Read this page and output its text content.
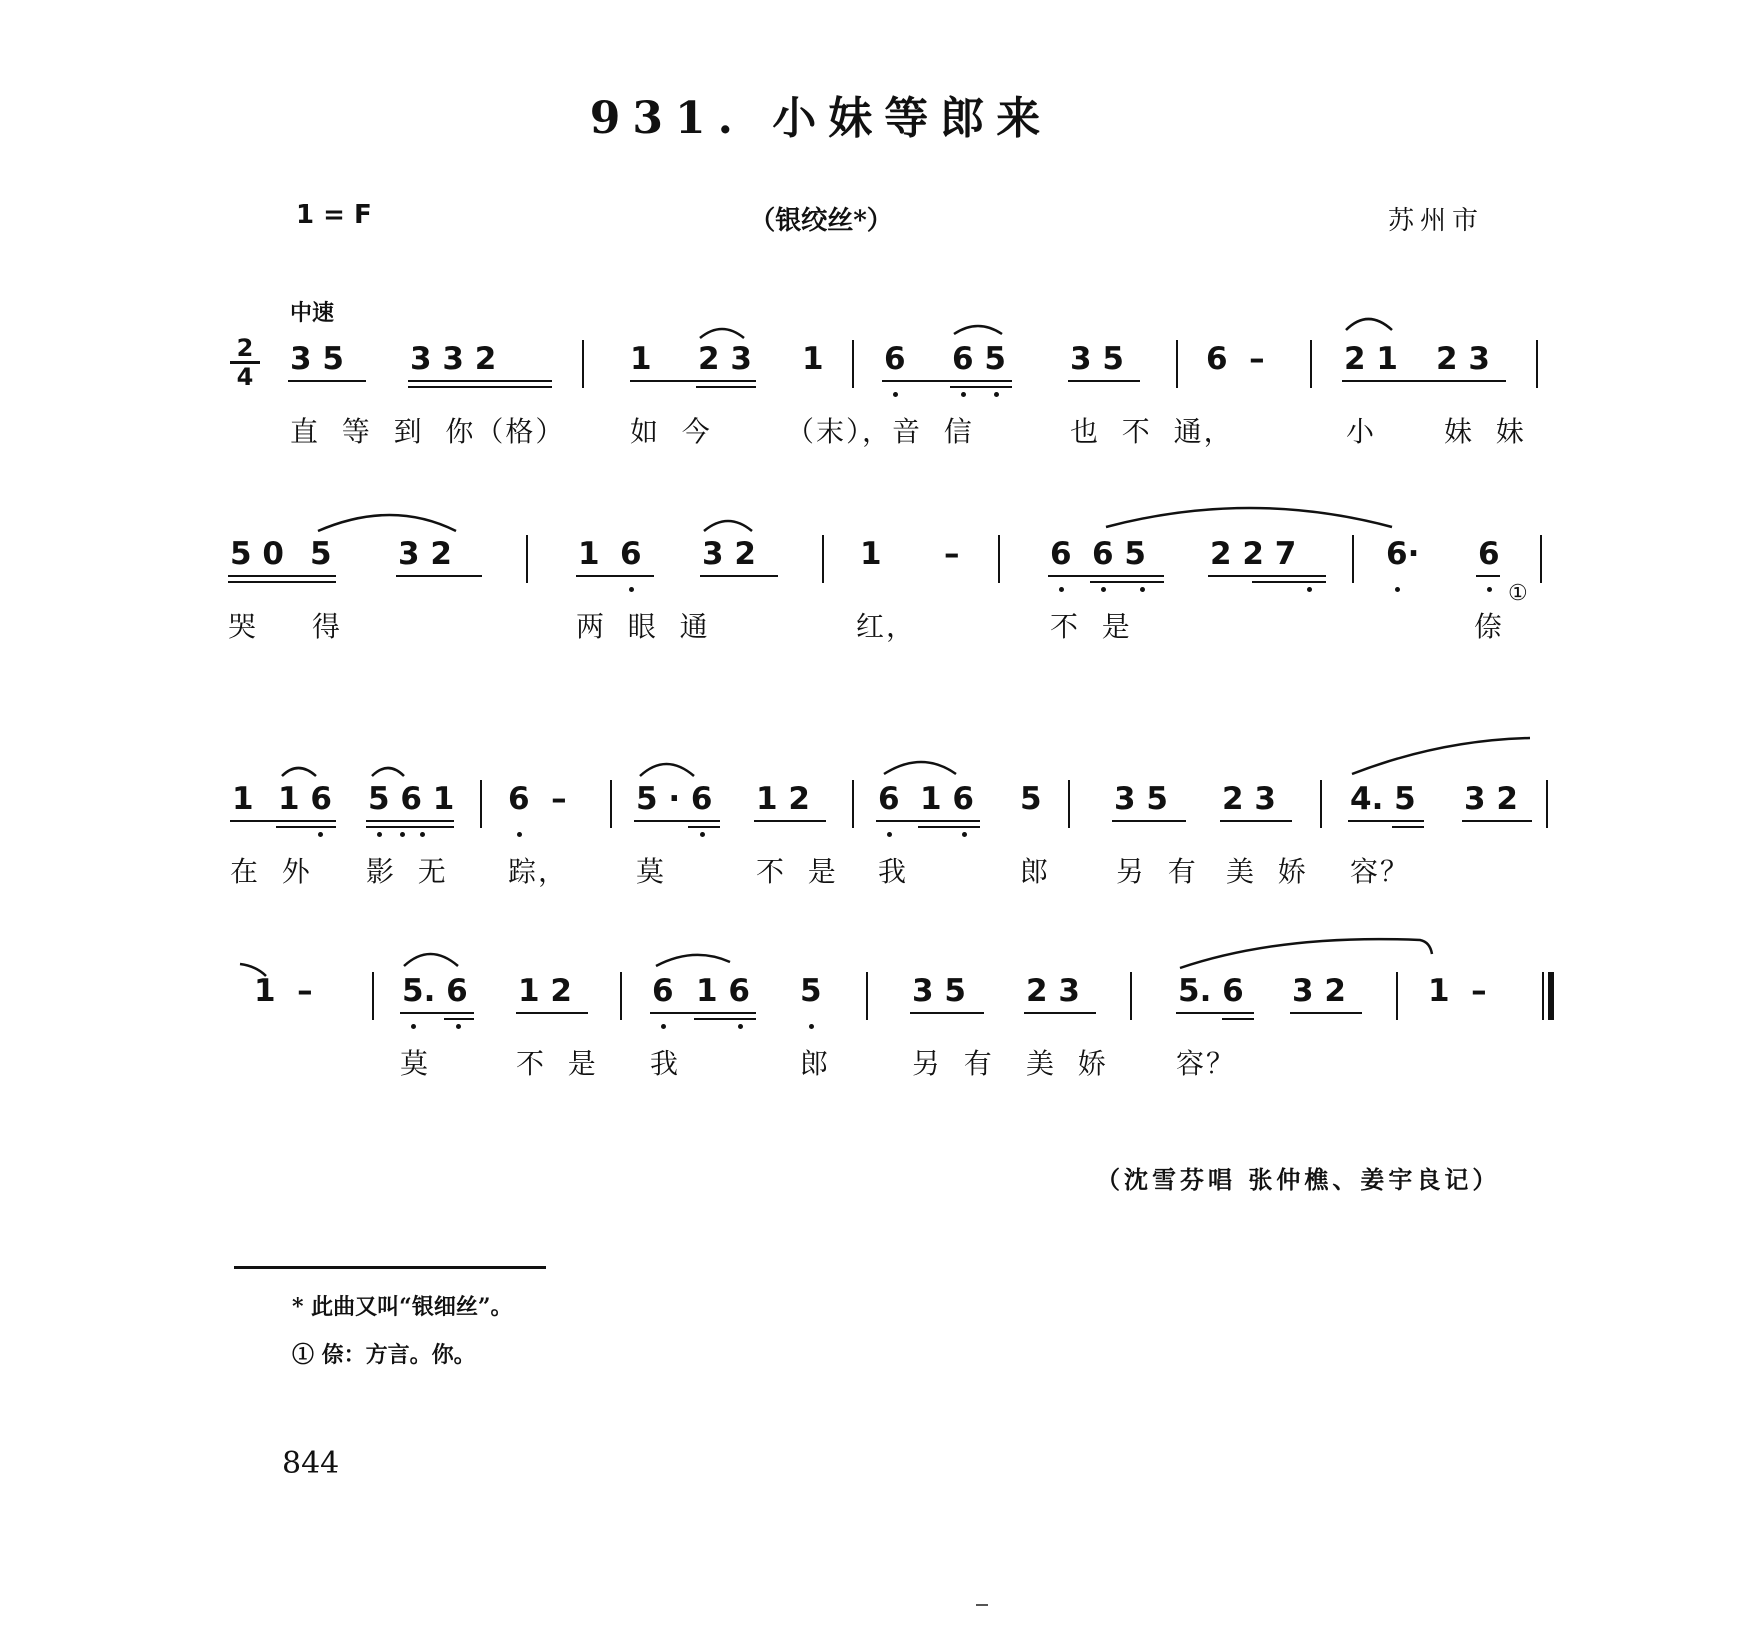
931. 小妹等郎来
1 = F	（银绞丝*）	苏州市
中速
2
4 3 5 3 3 2	1 2 3 1 6 6 5 3 5	6  –	2 1 2 3
直  等  到  你（格） 如  今	（末），音  信	也  不  通，	小 妹  妹
5 0 5 3 2	1 6 3 2	1 –	6 6 5 2 2 7	6· 6
哭 得	两  眼  通	红，	不  是	倷
①
1 1 6 5 6 1 6  – 5 · 6 1 2 6 1 6 5 3 5 2 3 4. 5 3 2
在  外 影  无 踪， 莫	不  是 我	郎 另  有 美  娇 容？
1  –	5. 6 1 2	6 1 6 5	3 5 2 3	5. 6 3 2	1  –
莫	不  是 我	郎	另  有 美  娇 容？
（沈雪芬唱 张仲樵、姜宇良记）
* 此曲又叫“银细丝”。
① 倷：方言。你。
844
